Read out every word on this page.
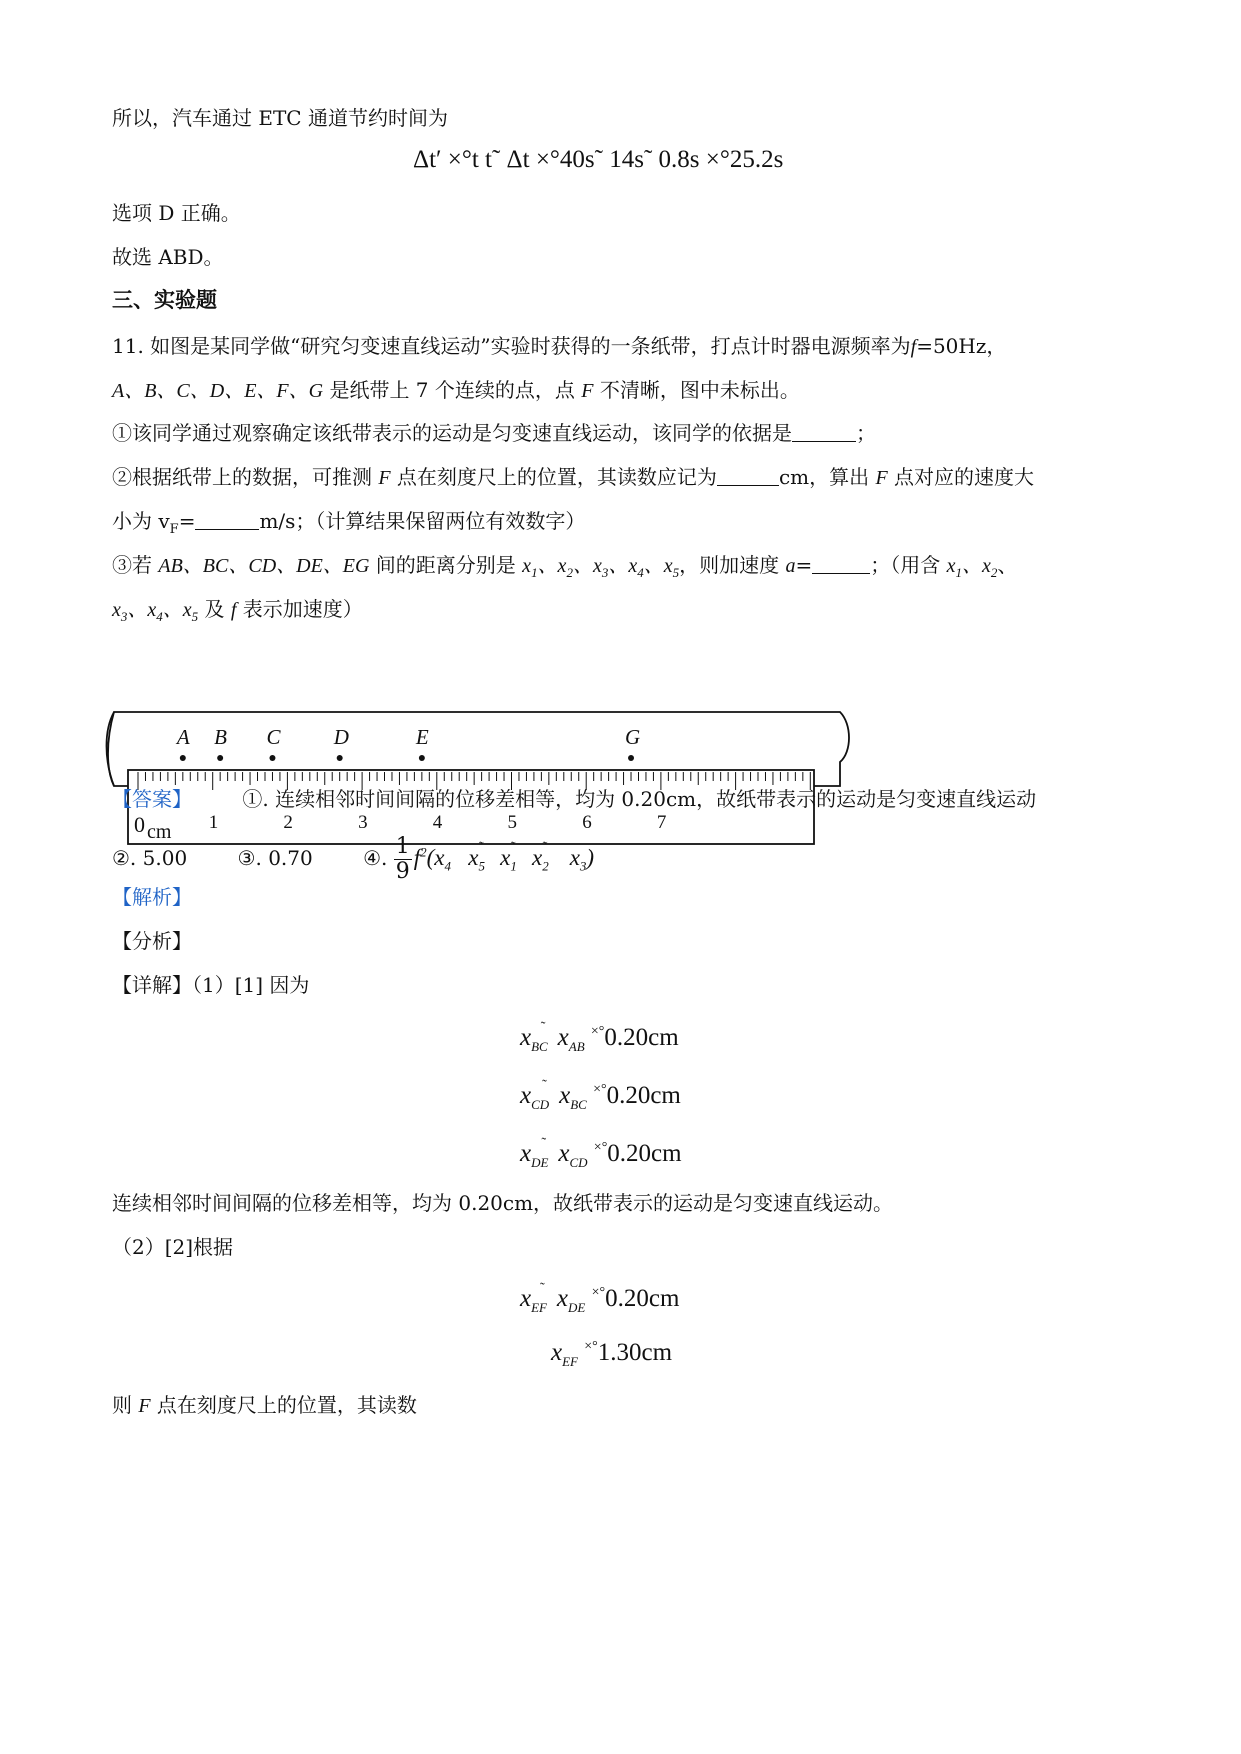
所以，汽车通过 ETC 通道节约时间为
Δt′ ×°t t˜ Δt ×°40s˜ 14s˜ 0.8s ×°25.2s
选项 D 正确。
故选 ABD。
三、实验题
11. 如图是某同学做“研究匀变速直线运动”实验时获得的一条纸带，打点计时器电源频率为f=50Hz，
A、B、C、D、E、F、G 是纸带上 7 个连续的点，点 F 不清晰，图中未标出。
①该同学通过观察确定该纸带表示的运动是匀变速直线运动，该同学的依据是	；
②根据纸带上的数据，可推测 F 点在刻度尺上的位置，其读数应记为	cm，算出 F 点对应的速度大
小为 $v_F=$	m/s；（计算结果保留两位有效数字）
③若 AB、BC、CD、DE、EG 间的距离分别是 $x_1$、$x_2$、$x_3$、$x_4$、$x_5$，则加速度 a=	；（用含 $x_1$、$x_2$、
$x_3$、$x_4$、$x_5$ 及 f 表示加速度）
A B C	D	E	G
1	2	3	4	5	6	7
0 cm
【答案】	①. 连续相邻时间间隔的位移差相等，均为 0.20cm，故纸带表示的运动是匀变速直线运动
②. 5.00	③. 0.70	④. $\frac{1}{9} f^2(x_4$   $x_5^˜$  $x_1^˜$  $x_2^˜$   $x_3$)
【解析】
【分析】
【详解】（1）[1] 因为
$x_{BC}^˜$ $x_{AB}$ ×°0.20cm
$x_{CD}^˜$ $x_{BC}$ ×°0.20cm
$x_{DE}^˜$ $x_{CD}$ ×°0.20cm
连续相邻时间间隔的位移差相等，均为 0.20cm，故纸带表示的运动是匀变速直线运动。
（2）[2]根据
$x_{EF}^˜$ $x_{DE}$ ×°0.20cm
$x_{EF}$ ×°1.30cm
则 F 点在刻度尺上的位置，其读数
